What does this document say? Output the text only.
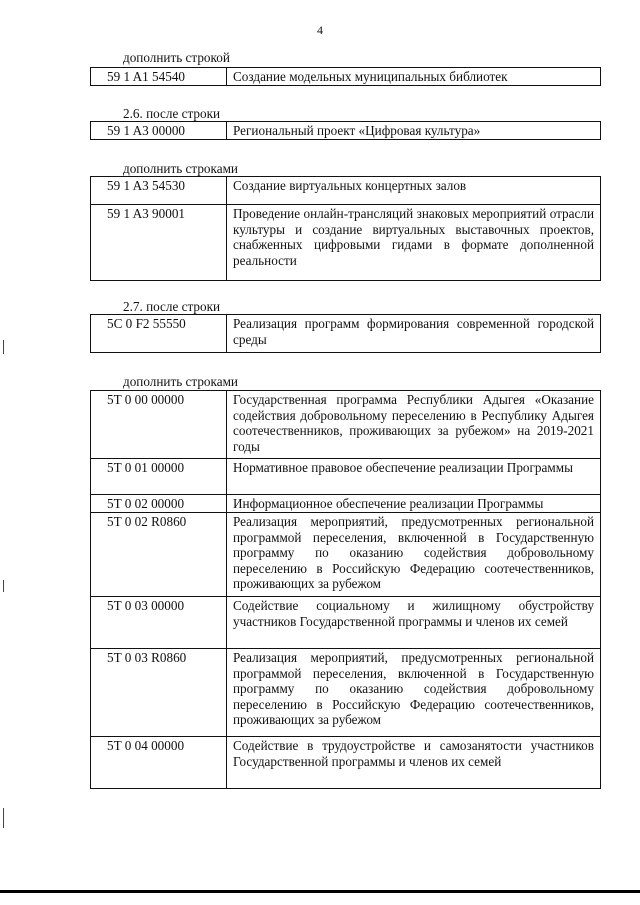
4
дополнить строкой
59 1 A1 54540	Создание модельных муниципальных библиотек
2.6. после строки
59 1 A3 00000	Региональный проект «Цифровая культура»
дополнить строками
59 1 A3 54530	Создание виртуальных концертных залов

59 1 A3 90001	Проведение онлайн-трансляций знаковых мероприятий отрасли культуры и создание виртуальных выставочных проектов, снабженных цифровыми гидами в формате дополненной реальности
2.7. после строки
5C 0 F2 55550	Реализация программ формирования современной городской среды
дополнить строками
5T 0 00 00000	Государственная программа Республики Адыгея «Оказание содействия добровольному переселению в Республику Адыгея соотечественников, проживающих за рубежом» на 2019-2021 годы
5T 0 01 00000	Нормативное правовое обеспечение реализации Программы
5T 0 02 00000	Информационное обеспечение реализации Программы

5T 0 02 R0860	Реализация мероприятий, предусмотренных региональной программой переселения, включенной в Государственную программу по оказанию содействия добровольному переселению в Российскую Федерацию соотечественников, проживающих за рубежом
5T 0 03 00000	Содействие социальному и жилищному обустройству участников Государственной программы и членов их семей
5T 0 03 R0860	Реализация мероприятий, предусмотренных региональной программой переселения, включенной в Государственную программу по оказанию содействия добровольному переселению в Российскую Федерацию соотечественников, проживающих за рубежом
5T 0 04 00000	Содействие в трудоустройстве и самозанятости участников Государственной программы и членов их семей
